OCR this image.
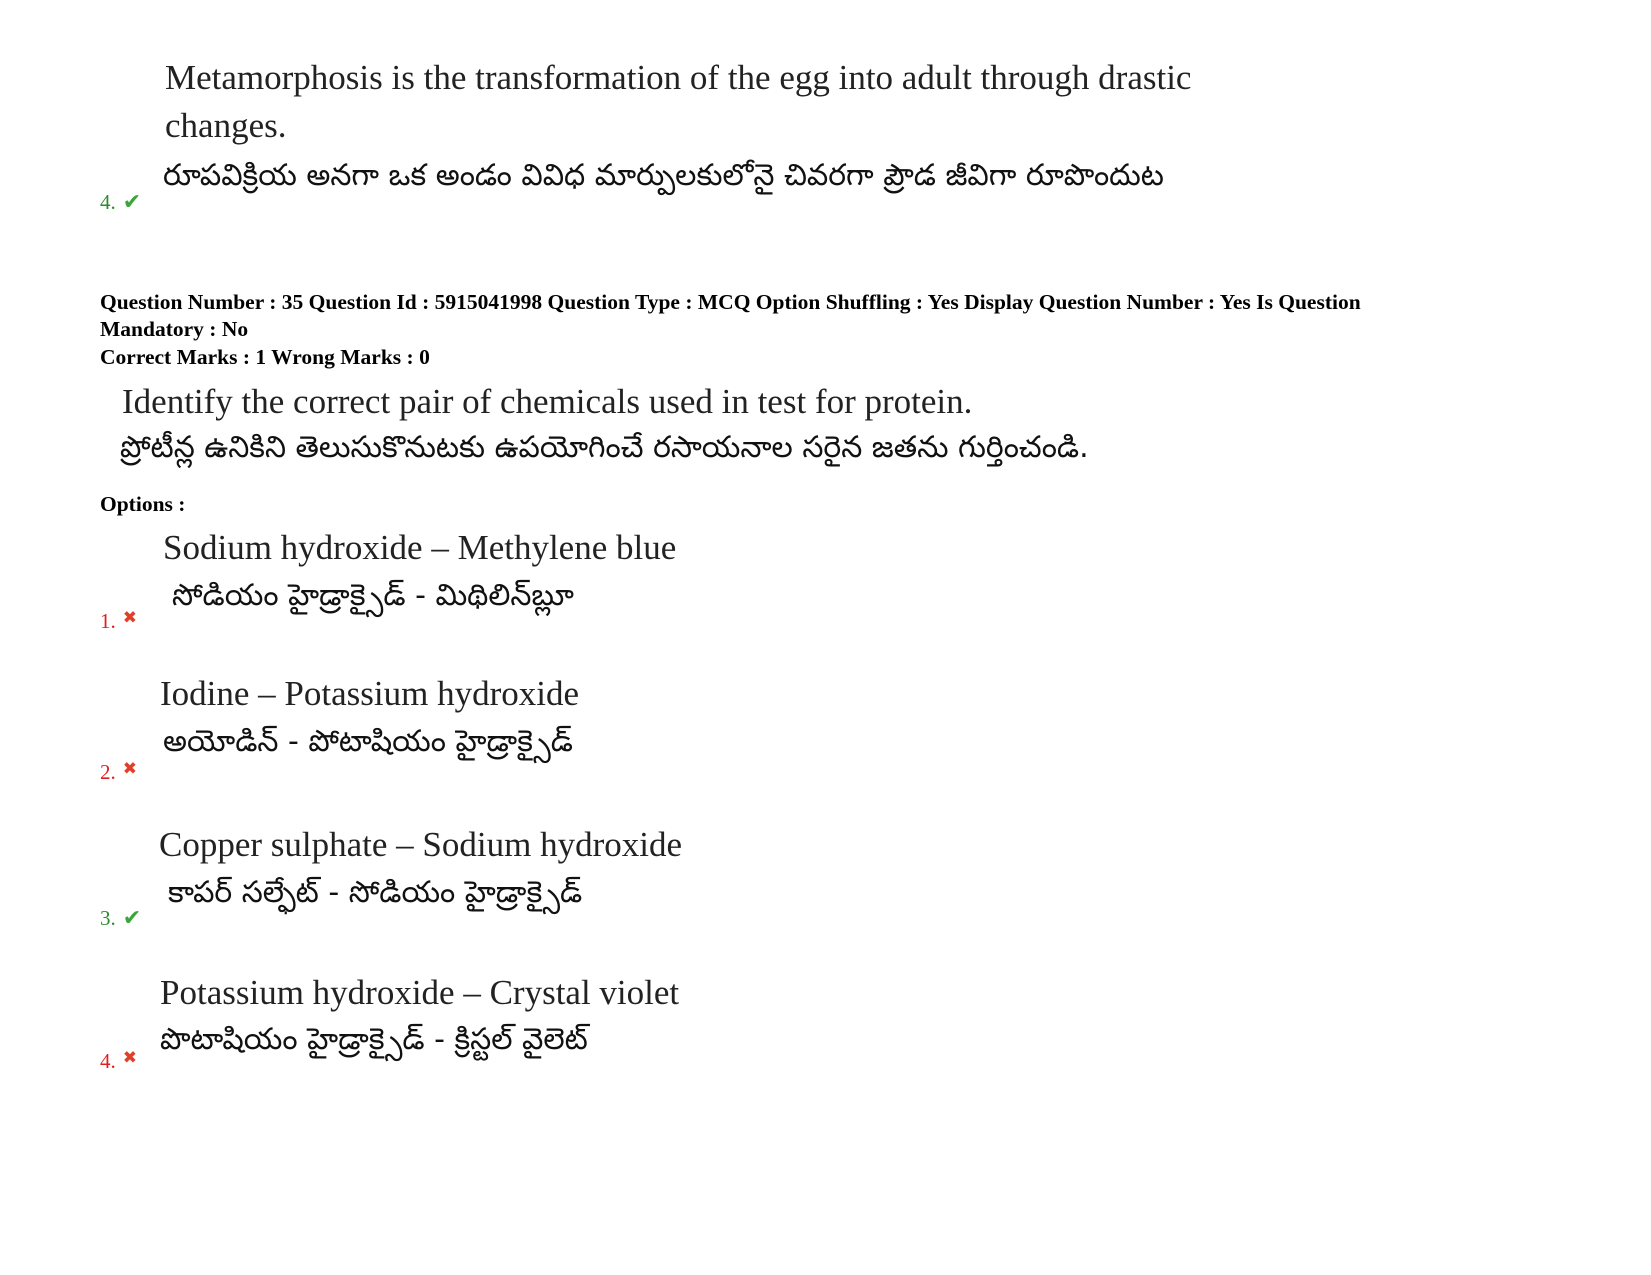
Metamorphosis is the transformation of the egg into adult through drastic
changes.
రూపవిక్రియ అనగా ఒక అండం వివిధ మార్పులకులోనై చివరగా ప్రౌడ జీవిగా రూపొందుట
4. ✔
Question Number : 35 Question Id : 5915041998 Question Type : MCQ Option Shuffling : Yes Display Question Number : Yes Is Question
Mandatory : No
Correct Marks : 1 Wrong Marks : 0
Identify the correct pair of chemicals used in test for protein.
ప్రోటీన్ల ఉనికిని తెలుసుకొనుటకు ఉపయోగించే రసాయనాల సరైన జతను గుర్తించండి.
Options :
Sodium hydroxide – Methylene blue
సోడియం హైడ్రాక్సైడ్ - మిథిలిన్‌బ్లూ
1. ✖
Iodine – Potassium hydroxide
అయోడిన్ - పోటాషియం హైడ్రాక్సైడ్
2. ✖
Copper sulphate – Sodium hydroxide
కాపర్ సల్ఫేట్ - సోడియం హైడ్రాక్సైడ్
3. ✔
Potassium hydroxide – Crystal violet
పొటాషియం హైడ్రాక్సైడ్ - క్రిస్టల్ వైలెట్
4. ✖
